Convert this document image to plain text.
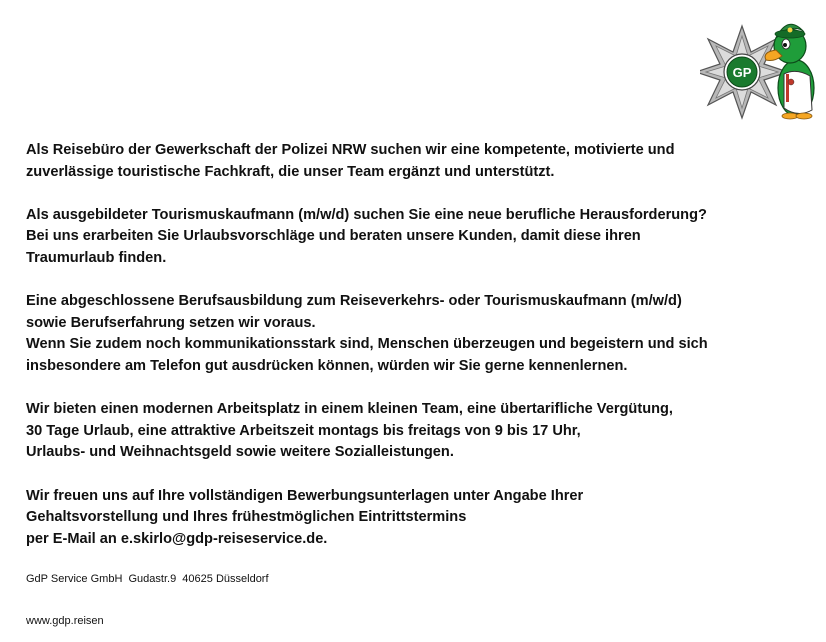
GP

Als Reisebüro der Gewerkschaft der Polizei NRW suchen wir eine kompetente, motivierte und
zuverlässige touristische Fachkraft, die unser Team ergänzt und unterstützt.

Als ausgebildeter Tourismuskaufmann (m/w/d) suchen Sie eine neue berufliche Herausforderung?
Bei uns erarbeiten Sie Urlaubsvorschläge und beraten unsere Kunden, damit diese ihren
Traumurlaub finden.

Eine abgeschlossene Berufsausbildung zum Reiseverkehrs- oder Tourismuskaufmann (m/w/d)
sowie Berufserfahrung setzen wir voraus.
Wenn Sie zudem noch kommunikationsstark sind, Menschen überzeugen und begeistern und sich
insbesondere am Telefon gut ausdrücken können, würden wir Sie gerne kennenlernen.

Wir bieten einen modernen Arbeitsplatz in einem kleinen Team, eine übertarifliche Vergütung,
30 Tage Urlaub, eine attraktive Arbeitszeit montags bis freitags von 9 bis 17 Uhr,
Urlaubs- und Weihnachtsgeld sowie weitere Sozialleistungen.

Wir freuen uns auf Ihre vollständigen Bewerbungsunterlagen unter Angabe Ihrer
Gehaltsvorstellung und Ihres frühestmöglichen Eintrittstermins
per E-Mail an e.skirlo@gdp-reiseservice.de.

GdP Service GmbH  Gudastr.9  40625 Düsseldorf

www.gdp.reisen
